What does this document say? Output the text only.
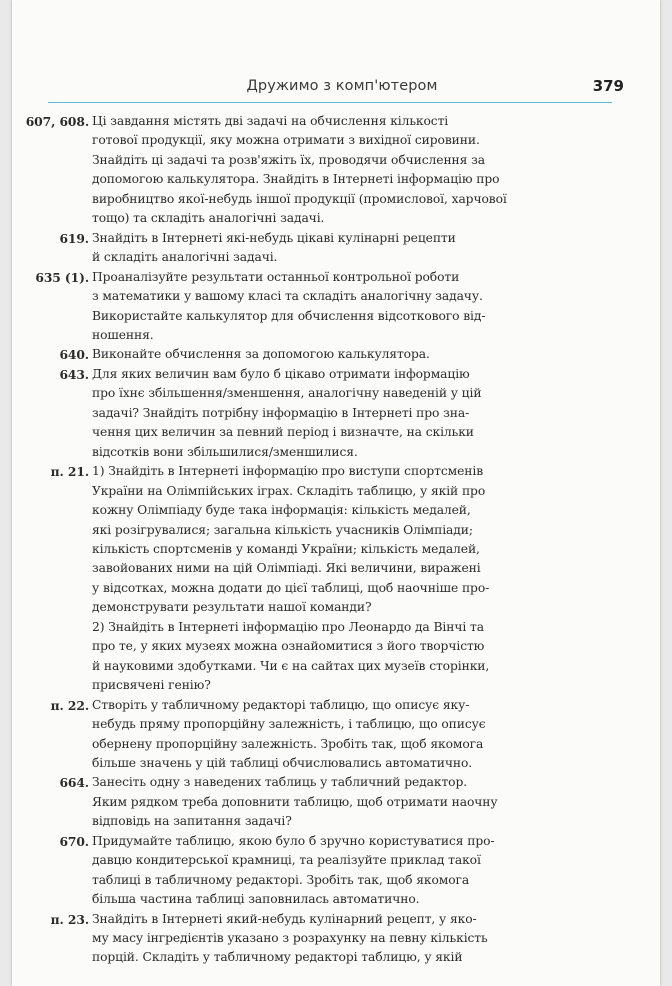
Дружимо з комп'ютером	379
607, 608. Ці завдання містять дві задачі на обчислення кількості
готової продукції, яку можна отримати з вихідної сировини.
Знайдіть ці задачі та розв'яжіть їх, проводячи обчислення за
допомогою калькулятора. Знайдіть в Інтернеті інформацію про
виробництво якої-небудь іншої продукції (промислової, харчової
тощо) та складіть аналогічні задачі.
619. Знайдіть в Інтернеті які-небудь цікаві кулінарні рецепти
й складіть аналогічні задачі.
635 (1). Проаналізуйте результати останньої контрольної роботи
з математики у вашому класі та складіть аналогічну задачу.
Використайте калькулятор для обчислення відсоткового від-
ношення.
640. Виконайте обчислення за допомогою калькулятора.
643. Для яких величин вам було б цікаво отримати інформацію
про їхнє збільшення/зменшення, аналогічну наведеній у цій
задачі? Знайдіть потрібну інформацію в Інтернеті про зна-
чення цих величин за певний період і визначте, на скільки
відсотків вони збільшилися/зменшилися.
п. 21. 1) Знайдіть в Інтернеті інформацію про виступи спортсменів
України на Олімпійських іграх. Складіть таблицю, у якій про
кожну Олімпіаду буде така інформація: кількість медалей,
які розігрувалися; загальна кількість учасників Олімпіади;
кількість спортсменів у команді України; кількість медалей,
завойованих ними на цій Олімпіаді. Які величини, виражені
у відсотках, можна додати до цієї таблиці, щоб наочніше про-
демонструвати результати нашої команди?
2) Знайдіть в Інтернеті інформацію про Леонардо да Вінчі та
про те, у яких музеях можна ознайомитися з його творчістю
й науковими здобутками. Чи є на сайтах цих музеїв сторінки,
присвячені генію?
п. 22. Створіть у табличному редакторі таблицю, що описує яку-
небудь пряму пропорційну залежність, і таблицю, що описує
обернену пропорційну залежність. Зробіть так, щоб якомога
більше значень у цій таблиці обчислювались автоматично.
664. Занесіть одну з наведених таблиць у табличний редактор.
Яким рядком треба доповнити таблицю, щоб отримати наочну
відповідь на запитання задачі?
670. Придумайте таблицю, якою було б зручно користуватися про-
давцю кондитерської крамниці, та реалізуйте приклад такої
таблиці в табличному редакторі. Зробіть так, щоб якомога
більша частина таблиці заповнилась автоматично.
п. 23. Знайдіть в Інтернеті який-небудь кулінарний рецепт, у яко-
му масу інгредієнтів указано з розрахунку на певну кількість
порцій. Складіть у табличному редакторі таблицю, у якій
